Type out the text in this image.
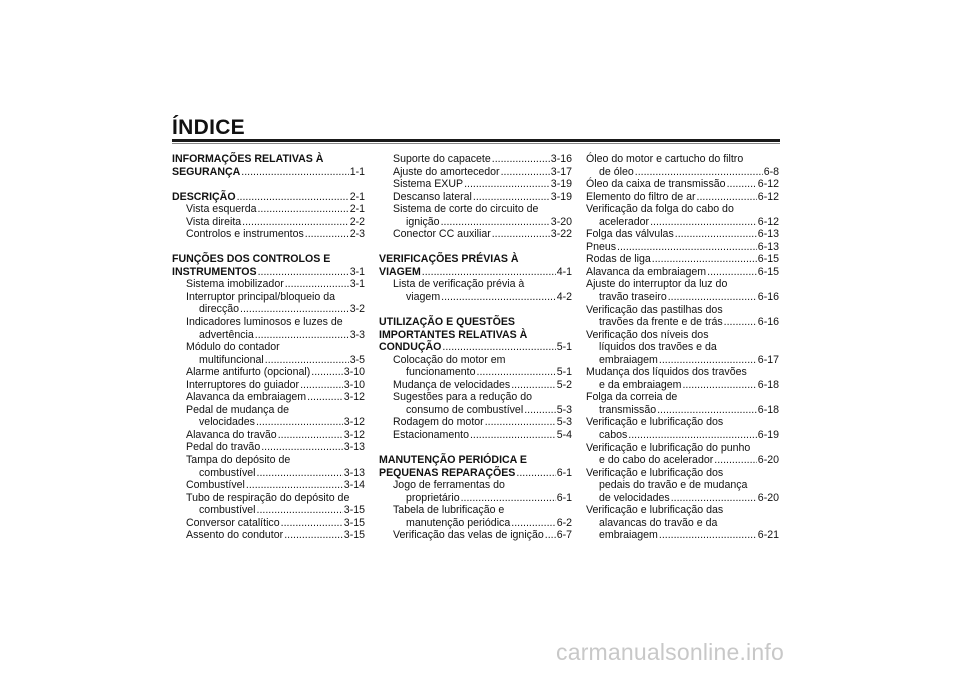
ÍNDICE
INFORMAÇÕES RELATIVAS À
SEGURANÇA .....	1-1
DESCRIÇÃO .....	2-1
Vista esquerda .....	2-1
Vista direita .....	2-2
Controlos e instrumentos .....	2-3
FUNÇÕES DOS CONTROLOS E
INSTRUMENTOS .....	3-1
Sistema imobilizador .....	3-1
Interruptor principal/bloqueio da
direcção .....	3-2
Indicadores luminosos e luzes de
advertência .....	3-3
Módulo do contador
multifuncional .....	3-5
Alarme antifurto (opcional) .....	3-10
Interruptores do guiador .....	3-10
Alavanca da embraiagem .....	3-12
Pedal de mudança de
velocidades .....	3-12
Alavanca do travão .....	3-12
Pedal do travão .....	3-13
Tampa do depósito de
combustível .....	3-13
Combustível .....	3-14
Tubo de respiração do depósito de
combustível .....	3-15
Conversor catalítico .....	3-15
Assento do condutor .....	3-15
Suporte do capacete .....	3-16
Ajuste do amortecedor .....	3-17
Sistema EXUP .....	3-19
Descanso lateral .....	3-19
Sistema de corte do circuito de
ignição .....	3-20
Conector CC auxiliar .....	3-22
VERIFICAÇÕES PRÉVIAS À
VIAGEM .....	4-1
Lista de verificação prévia à
viagem .....	4-2
UTILIZAÇÃO E QUESTÕES
IMPORTANTES RELATIVAS À
CONDUÇÃO .....	5-1
Colocação do motor em
funcionamento .....	5-1
Mudança de velocidades .....	5-2
Sugestões para a redução do
consumo de combustível .....	5-3
Rodagem do motor .....	5-3
Estacionamento .....	5-4
MANUTENÇÃO PERIÓDICA E
PEQUENAS REPARAÇÕES .....	6-1
Jogo de ferramentas do
proprietário .....	6-1
Tabela de lubrificação e
manutenção periódica .....	6-2
Verificação das velas de ignição ..... 6-7
Óleo do motor e cartucho do filtro
de óleo .....	6-8
Óleo da caixa de transmissão .....	6-12
Elemento do filtro de ar .....	6-12
Verificação da folga do cabo do
acelerador .....	6-12
Folga das válvulas .....	6-13
Pneus .....	6-13
Rodas de liga .....	6-15
Alavanca da embraiagem .....	6-15
Ajuste do interruptor da luz do
travão traseiro .....	6-16
Verificação das pastilhas dos
travões da frente e de trás .....	6-16
Verificação dos níveis dos
líquidos dos travões e da
embraiagem .....	6-17
Mudança dos líquidos dos travões
e da embraiagem .....	6-18
Folga da correia de
transmissão .....	6-18
Verificação e lubrificação dos
cabos .....	6-19
Verificação e lubrificação do punho
e do cabo do acelerador .....	6-20
Verificação e lubrificação dos
pedais do travão e de mudança
de velocidades .....	6-20
Verificação e lubrificação das
alavancas do travão e da
embraiagem .....	6-21
carmanualsonline.info
